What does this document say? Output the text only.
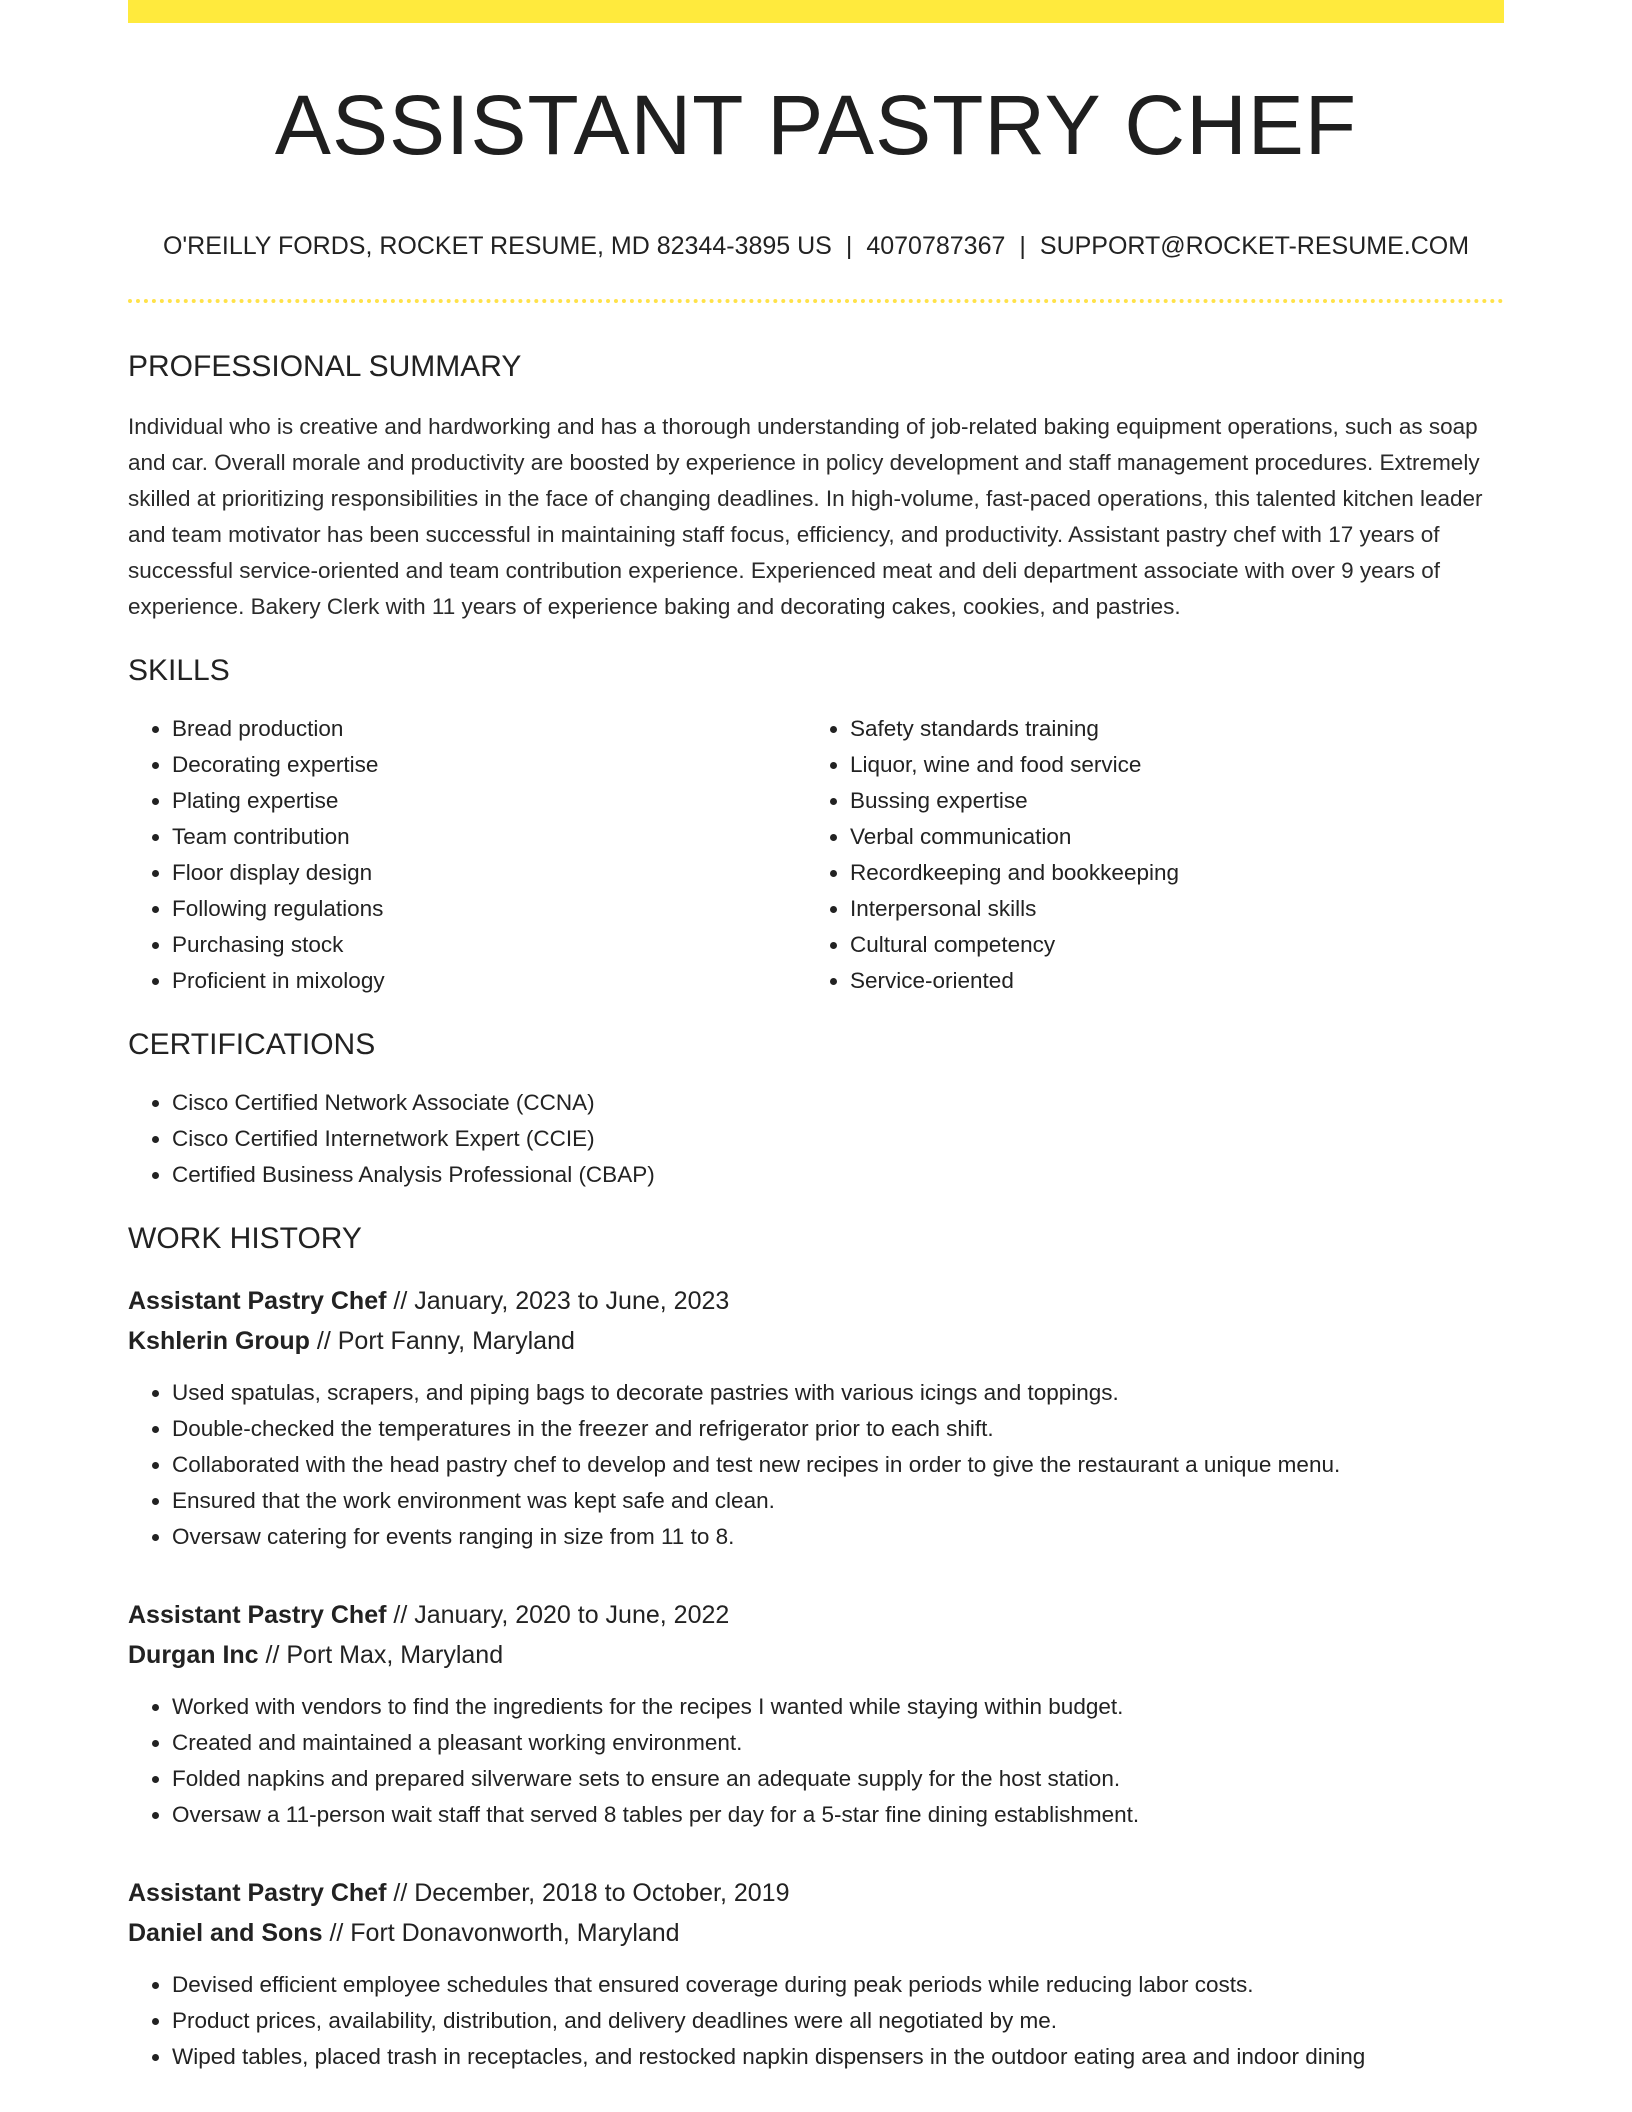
ASSISTANT PASTRY CHEF
O'REILLY FORDS, ROCKET RESUME, MD 82344-3895 US | 4070787367 | SUPPORT@ROCKET-RESUME.COM
PROFESSIONAL SUMMARY

Individual who is creative and hardworking and has a thorough understanding of job-related baking equipment operations, such as soap and car. Overall morale and productivity are boosted by experience in policy development and staff management procedures. Extremely skilled at prioritizing responsibilities in the face of changing deadlines. In high-volume, fast-paced operations, this talented kitchen leader and team motivator has been successful in maintaining staff focus, efficiency, and productivity. Assistant pastry chef with 17 years of successful service-oriented and team contribution experience. Experienced meat and deli department associate with over 9 years of experience. Bakery Clerk with 11 years of experience baking and decorating cakes, cookies, and pastries.

SKILLS
• Bread production
• Decorating expertise
• Plating expertise
• Team contribution
• Floor display design
• Following regulations
• Purchasing stock
• Proficient in mixology
• Safety standards training
• Liquor, wine and food service
• Bussing expertise
• Verbal communication
• Recordkeeping and bookkeeping
• Interpersonal skills
• Cultural competency
• Service-oriented
CERTIFICATIONS
• Cisco Certified Network Associate (CCNA)
• Cisco Certified Internetwork Expert (CCIE)
• Certified Business Analysis Professional (CBAP)
WORK HISTORY
Assistant Pastry Chef // January, 2023 to June, 2023
Kshlerin Group // Port Fanny, Maryland
• Used spatulas, scrapers, and piping bags to decorate pastries with various icings and toppings.
• Double-checked the temperatures in the freezer and refrigerator prior to each shift.
• Collaborated with the head pastry chef to develop and test new recipes in order to give the restaurant a unique menu.
• Ensured that the work environment was kept safe and clean.
• Oversaw catering for events ranging in size from 11 to 8.
Assistant Pastry Chef // January, 2020 to June, 2022
Durgan Inc // Port Max, Maryland
• Worked with vendors to find the ingredients for the recipes I wanted while staying within budget.
• Created and maintained a pleasant working environment.
• Folded napkins and prepared silverware sets to ensure an adequate supply for the host station.
• Oversaw a 11-person wait staff that served 8 tables per day for a 5-star fine dining establishment.
Assistant Pastry Chef // December, 2018 to October, 2019
Daniel and Sons // Fort Donavonworth, Maryland
• Devised efficient employee schedules that ensured coverage during peak periods while reducing labor costs.
• Product prices, availability, distribution, and delivery deadlines were all negotiated by me.
• Wiped tables, placed trash in receptacles, and restocked napkin dispensers in the outdoor eating area and indoor dining
